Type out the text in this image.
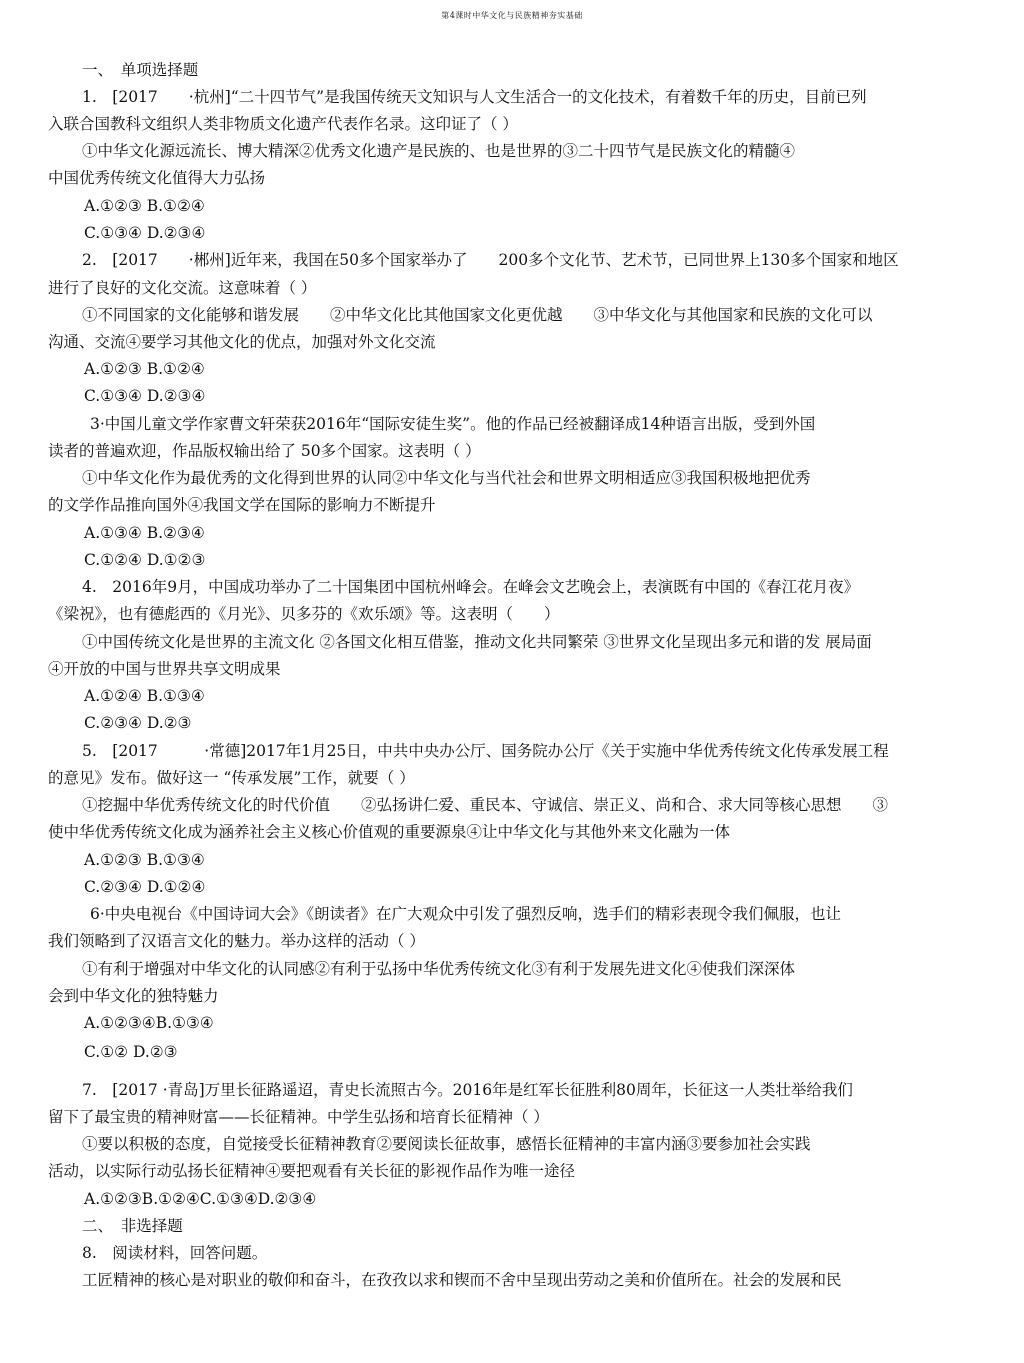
第4课时中华文化与民族精神夯实基础
一、　单项选择题
1.　[2017　　·杭州]“二十四节气”是我国传统天文知识与人文生活合一的文化技术，有着数千年的历史，目前已列
入联合国教科文组织人类非物质文化遗产代表作名录。这印证了（ ）
①中华文化源远流长、博大精深②优秀文化遗产是民族的、也是世界的③二十四节气是民族文化的精髓④
中国优秀传统文化值得大力弘扬
A.①②③ B.①②④
C.①③④ D.②③④
2.　[2017　　·郴州]近年来，我国在50多个国家举办了　　200多个文化节、艺术节，已同世界上130多个国家和地区
进行了良好的文化交流。这意味着（ ）
①不同国家的文化能够和谐发展　　②中华文化比其他国家文化更优越　　③中华文化与其他国家和民族的文化可以
沟通、交流④要学习其他文化的优点，加强对外文化交流
A.①②③ B.①②④
C.①③④ D.②③④
3·中国儿童文学作家曹文轩荣获2016年“国际安徒生奖”。他的作品已经被翻译成14种语言出版，受到外国
读者的普遍欢迎，作品版权输出给了 50多个国家。这表明（ ）
①中华文化作为最优秀的文化得到世界的认同②中华文化与当代社会和世界文明相适应③我国积极地把优秀
的文学作品推向国外④我国文学在国际的影响力不断提升
A.①③④ B.②③④
C.①②④ D.①②③
4.　2016年9月，中国成功举办了二十国集团中国杭州峰会。在峰会文艺晚会上，表演既有中国的《春江花月夜》
《梁祝》，也有德彪西的《月光》、贝多芬的《欢乐颂》等。这表明（　　）
①中国传统文化是世界的主流文化 ②各国文化相互借鉴，推动文化共同繁荣 ③世界文化呈现出多元和谐的发 展局面
④开放的中国与世界共享文明成果
A.①②④ B.①③④
C.②③④ D.②③
5.　[2017　　　·常德]2017年1月25日，中共中央办公厅、国务院办公厅《关于实施中华优秀传统文化传承发展工程
的意见》发布。做好这一 “传承发展”工作，就要（ ）
①挖掘中华优秀传统文化的时代价值　　②弘扬讲仁爱、重民本、守诚信、崇正义、尚和合、求大同等核心思想　　③
使中华优秀传统文化成为涵养社会主义核心价值观的重要源泉④让中华文化与其他外来文化融为一体
A.①②③ B.①③④
C.②③④ D.①②④
6·中央电视台《中国诗词大会》《朗读者》在广大观众中引发了强烈反响，选手们的精彩表现令我们佩服，也让
我们领略到了汉语言文化的魅力。举办这样的活动（ ）
①有利于增强对中华文化的认同感②有利于弘扬中华优秀传统文化③有利于发展先进文化④使我们深深体
会到中华文化的独特魅力
A.①②③④B.①③④
C.①② D.②③
7.　[2017 ·青岛]万里长征路遥迢，青史长流照古今。2016年是红军长征胜利80周年，长征这一人类壮举给我们
留下了最宝贵的精神财富——长征精神。中学生弘扬和培育长征精神（ ）
①要以积极的态度，自觉接受长征精神教育②要阅读长征故事，感悟长征精神的丰富内涵③要参加社会实践
活动，以实际行动弘扬长征精神④要把观看有关长征的影视作品作为唯一途径
A.①②③B.①②④C.①③④D.②③④
二、　非选择题
8.　阅读材料，回答问题。
工匠精神的核心是对职业的敬仰和奋斗，在孜孜以求和锲而不舍中呈现出劳动之美和价值所在。社会的发展和民
